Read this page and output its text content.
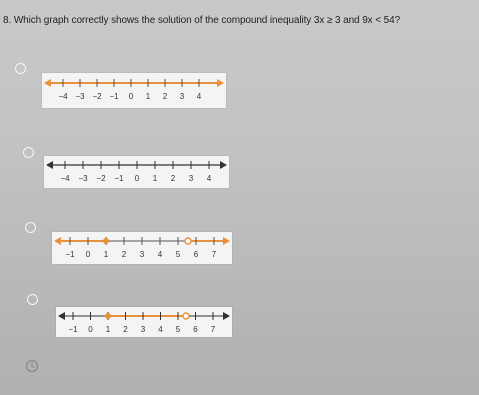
8. Which graph correctly shows the solution of the compound inequality 3x ≥ 3 and 9x < 54?
−4 −3 −2 −1 0 1 2 3 4
−4 −3 −2 −1 0 1 2 3 4
−1 0 1 2 3 4 5 6 7
−1 0 1 2 3 4 5 6 7
